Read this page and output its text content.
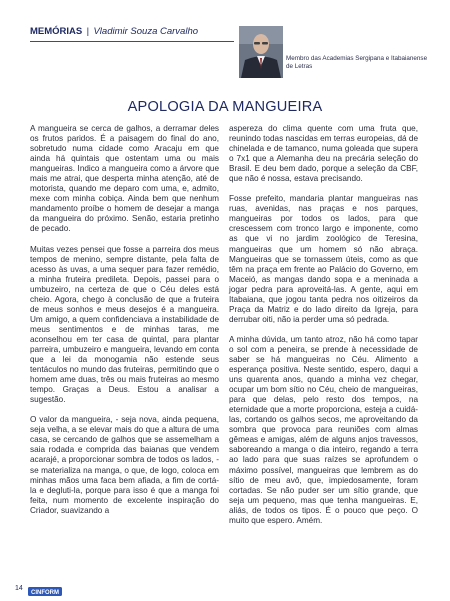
MEMÓRIAS | Vladimir Souza Carvalho
Membro das Academias Sergipana e Itabaianense de Letras
APOLOGIA DA MANGUEIRA

A mangueira se cerca de galhos, a derramar deles os frutos paridos. É a paisagem do final do ano, sobretudo numa cidade como Aracaju em que ainda há quintais que ostentam uma ou mais mangueiras. Indico a mangueira como a árvore que mais me atrai, que desperta minha atenção, até de motorista, quando me deparo com uma, e, admito, mexe com minha cobiça. Ainda bem que nenhum mandamento proíbe o homem de desejar a manga da mangueira do próximo. Senão, estaria pretinho de pecado.

Muitas vezes pensei que fosse a parreira dos meus tempos de menino, sempre distante, pela falta de acesso às uvas, a uma sequer para fazer remédio, a minha fruteira predileta. Depois, passei para o umbuzeiro, na certeza de que o Céu deles está cheio. Agora, chego à conclusão de que a fruteira de meus sonhos e meus desejos é a mangueira. Um amigo, a quem confidenciava a instabilidade de meus sentimentos e de minhas taras, me aconselhou em ter casa de quintal, para plantar parreira, umbuzeiro e mangueira, levando em conta que a lei da monogamia não estende seus tentáculos no mundo das fruteiras, permitindo que o homem ame duas, três ou mais fruteiras ao mesmo tempo. Graças a Deus. Estou a analisar a sugestão.

O valor da mangueira, - seja nova, ainda pequena, seja velha, a se elevar mais do que a altura de uma casa, se cercando de galhos que se assemelham a saia rodada e comprida das baianas que vendem acarajé, a proporcionar sombra de todos os lados, - se materializa na manga, o que, de logo, coloca em minhas mãos uma faca bem afiada, a fim de cortá-la e degluti-la, porque para isso é que a manga foi feita, num momento de excelente inspiração do Criador, suavizando a

aspereza do clima quente com uma fruta que, reunindo todas nascidas em terras europeias, dá de chinelada e de tamanco, numa goleada que supera o 7x1 que a Alemanha deu na precária seleção do Brasil. E deu bem dado, porque a seleção da CBF, que não é nossa, estava precisando.

Fosse prefeito, mandaria plantar mangueiras nas ruas, avenidas, nas praças e nos parques, mangueiras por todos os lados, para que crescessem com tronco largo e imponente, como as que vi no jardim zoológico de Teresina, mangueiras que um homem só não abraça. Mangueiras que se tornassem úteis, como as que têm na praça em frente ao Palácio do Governo, em Maceió, as mangas dando sopa e a meninada a jogar pedra para aproveitá-las. A gente, aqui em Itabaiana, que jogou tanta pedra nos oitizeiros da Praça da Matriz e do lado direito da Igreja, para derrubar oiti, não ia perder uma só pedrada.

A minha dúvida, um tanto atroz, não há como tapar o sol com a peneira, se prende à necessidade de saber se há mangueiras no Céu. Alimento a esperança positiva. Neste sentido, espero, daqui a uns quarenta anos, quando a minha vez chegar, ocupar um bom sítio no Céu, cheio de mangueiras, para que delas, pelo resto dos tempos, na eternidade que a morte proporciona, esteja a cuidá-las, cortando os galhos secos, me aproveitando da sombra que provoca para reuniões com almas gêmeas e amigas, além de alguns anjos travessos, saboreando a manga o dia inteiro, regando a terra ao lado para que suas raízes se aprofundem o máximo possível, mangueiras que lembrem as do sítio de meu avô, que, impiedosamente, foram cortadas. Se não puder ser um sítio grande, que seja um pequeno, mas que tenha mangueiras. E, aliás, de todos os tipos. É o pouco que peço. O muito que espero. Amém.

14
CINFORM
